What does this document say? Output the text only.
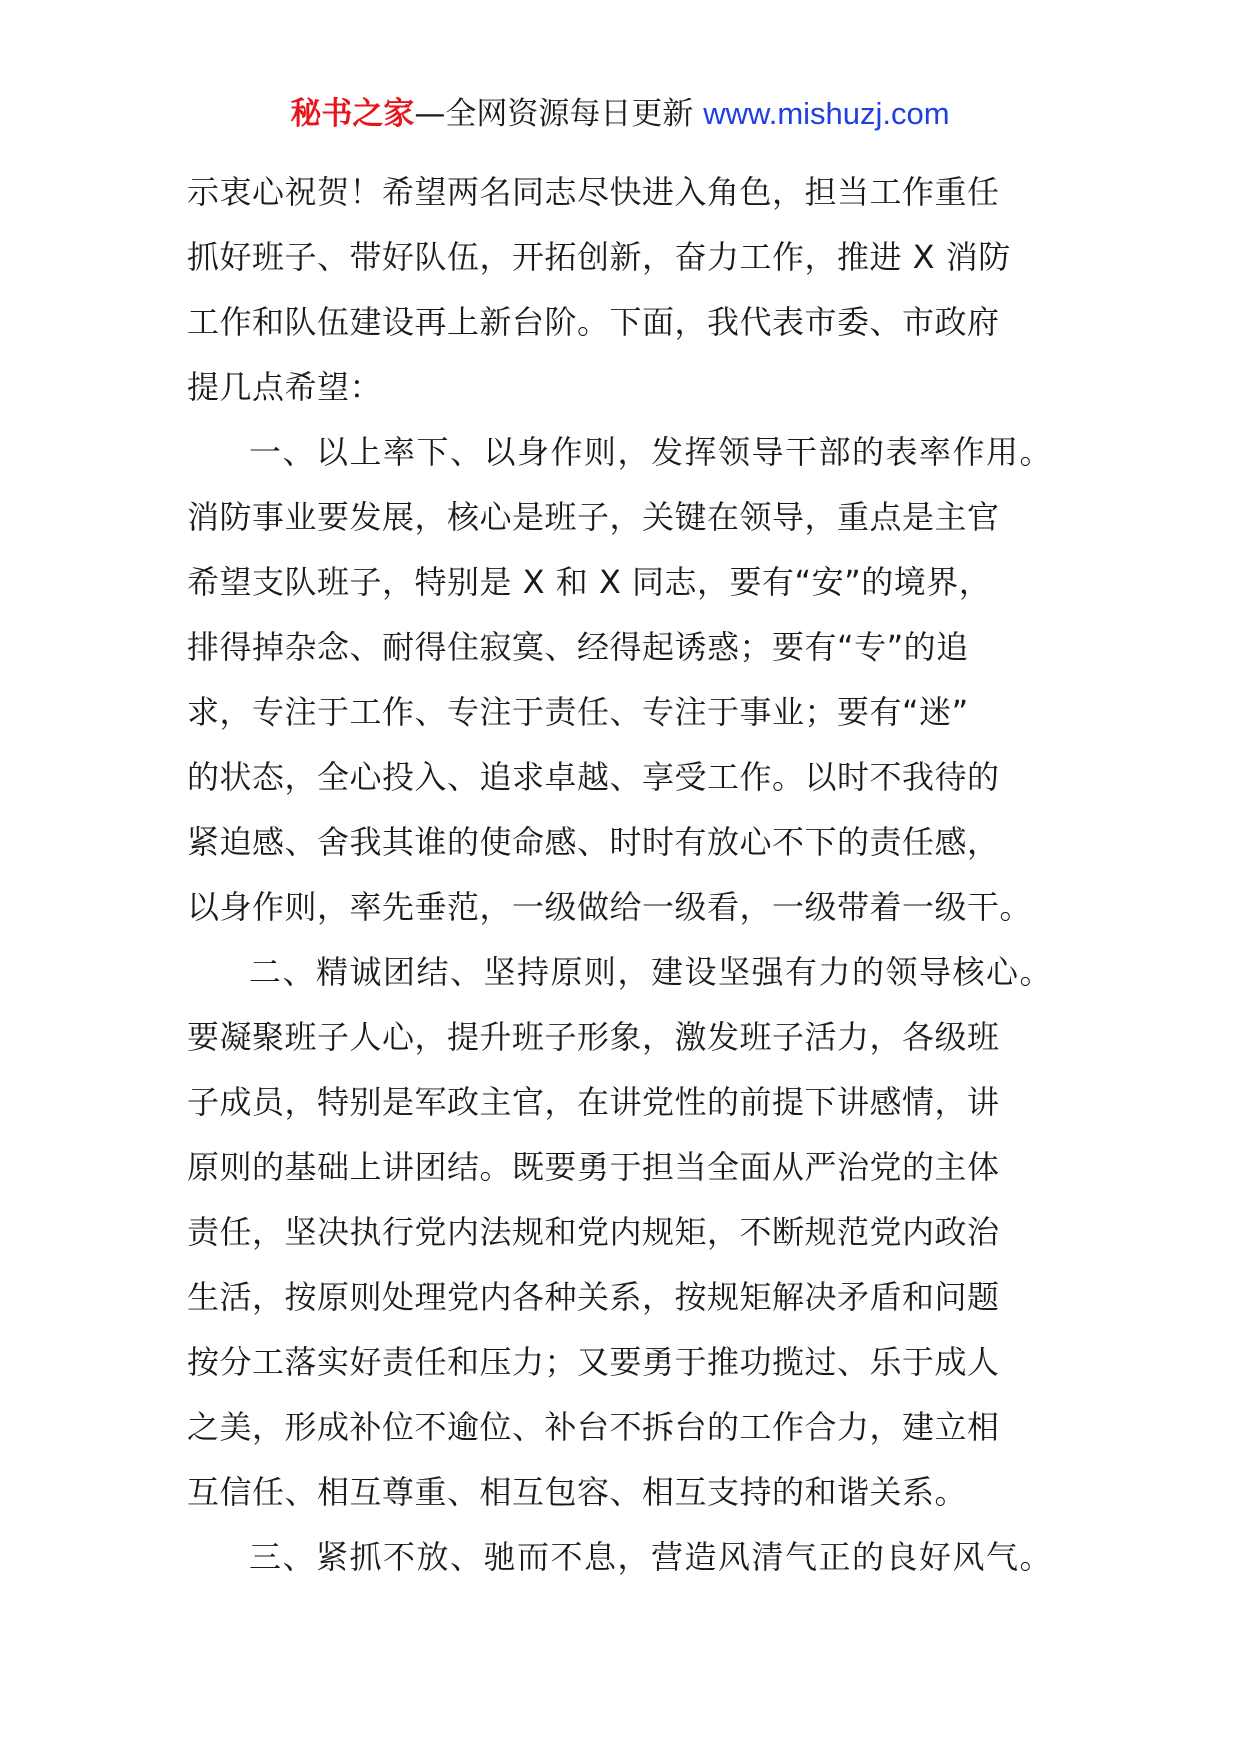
秘书之家—全网资源每日更新 www.mishuzj.com
示衷心祝贺！希望两名同志尽快进入角色，担当工作重任
抓好班子、带好队伍，开拓创新，奋力工作，推进 X 消防
工作和队伍建设再上新台阶。下面，我代表市委、市政府
提几点希望：
一、以上率下、以身作则，发挥领导干部的表率作用。
消防事业要发展，核心是班子，关键在领导，重点是主官
希望支队班子，特别是 X 和 X 同志，要有“安”的境界，
排得掉杂念、耐得住寂寞、经得起诱惑；要有“专”的追
求，专注于工作、专注于责任、专注于事业；要有“迷”
的状态，全心投入、追求卓越、享受工作。以时不我待的
紧迫感、舍我其谁的使命感、时时有放心不下的责任感，
以身作则，率先垂范，一级做给一级看，一级带着一级干。
二、精诚团结、坚持原则，建设坚强有力的领导核心。
要凝聚班子人心，提升班子形象，激发班子活力，各级班
子成员，特别是军政主官，在讲党性的前提下讲感情，讲
原则的基础上讲团结。既要勇于担当全面从严治党的主体
责任，坚决执行党内法规和党内规矩，不断规范党内政治
生活，按原则处理党内各种关系，按规矩解决矛盾和问题
按分工落实好责任和压力；又要勇于推功揽过、乐于成人
之美，形成补位不逾位、补台不拆台的工作合力，建立相
互信任、相互尊重、相互包容、相互支持的和谐关系。
三、紧抓不放、驰而不息，营造风清气正的良好风气。
